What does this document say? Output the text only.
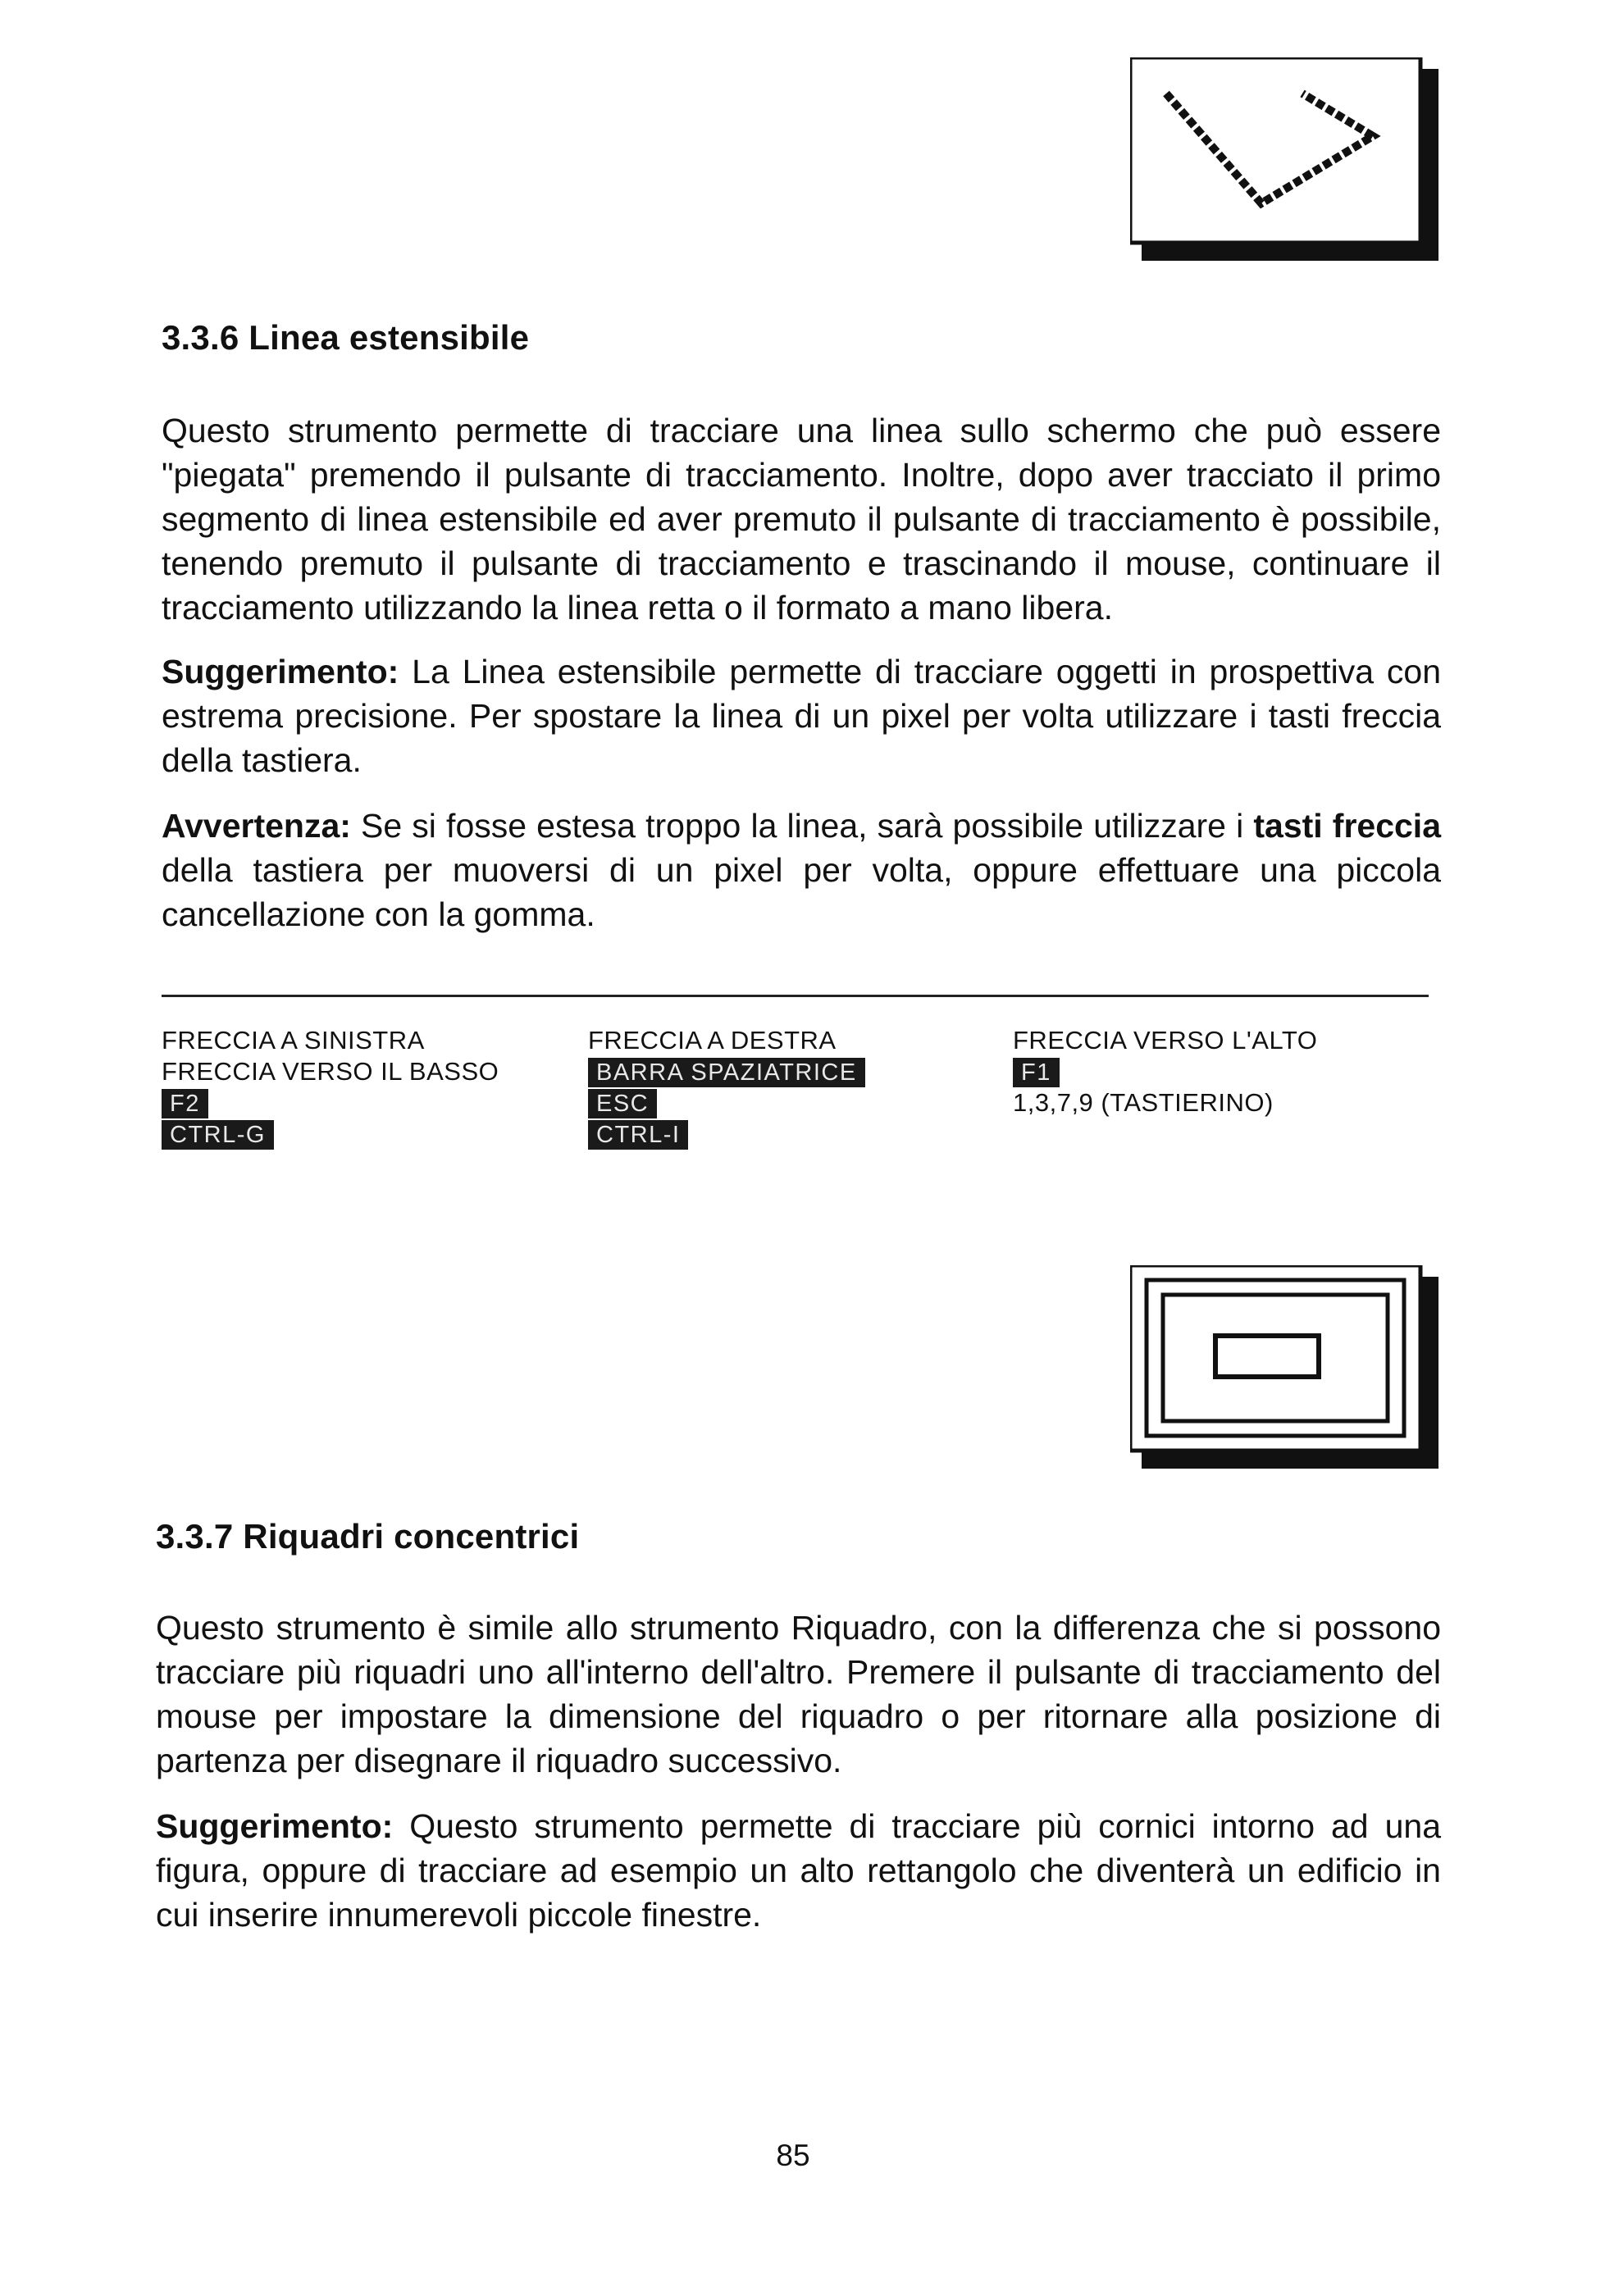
3.3.6 Linea estensibile
Questo strumento permette di tracciare una linea sullo schermo che può essere "piegata" premendo il pulsante di tracciamento. Inoltre, dopo aver tracciato il primo segmento di linea estensibile ed aver premuto il pulsante di tracciamento è possibile, tenendo premuto il pulsante di tracciamento e trascinando il mouse, continuare il tracciamento utilizzando la linea retta o il formato a mano libera.
Suggerimento: La Linea estensibile permette di tracciare oggetti in prospettiva con estrema precisione. Per spostare la linea di un pixel per volta utilizzare i tasti freccia della tastiera.
Avvertenza: Se si fosse estesa troppo la linea, sarà possibile utilizzare i tasti freccia della tastiera per muoversi di un pixel per volta, oppure effettuare una piccola cancellazione con la gomma.
FRECCIA A SINISTRA
FRECCIA VERSO IL BASSO
F2
CTRL-G
FRECCIA A DESTRA
BARRA SPAZIATRICE
ESC
CTRL-I
FRECCIA VERSO L'ALTO
F1
1,3,7,9 (TASTIERINO)
3.3.7 Riquadri concentrici
Questo strumento è simile allo strumento Riquadro, con la differenza che si possono tracciare più riquadri uno all'interno dell'altro. Premere il pulsante di tracciamento del mouse per impostare la dimensione del riquadro o per ritornare alla posizione di partenza per disegnare il riquadro successivo.
Suggerimento: Questo strumento permette di tracciare più cornici intorno ad una figura, oppure di tracciare ad esempio un alto rettangolo che diventerà un edificio in cui inserire innumerevoli piccole finestre.
85
